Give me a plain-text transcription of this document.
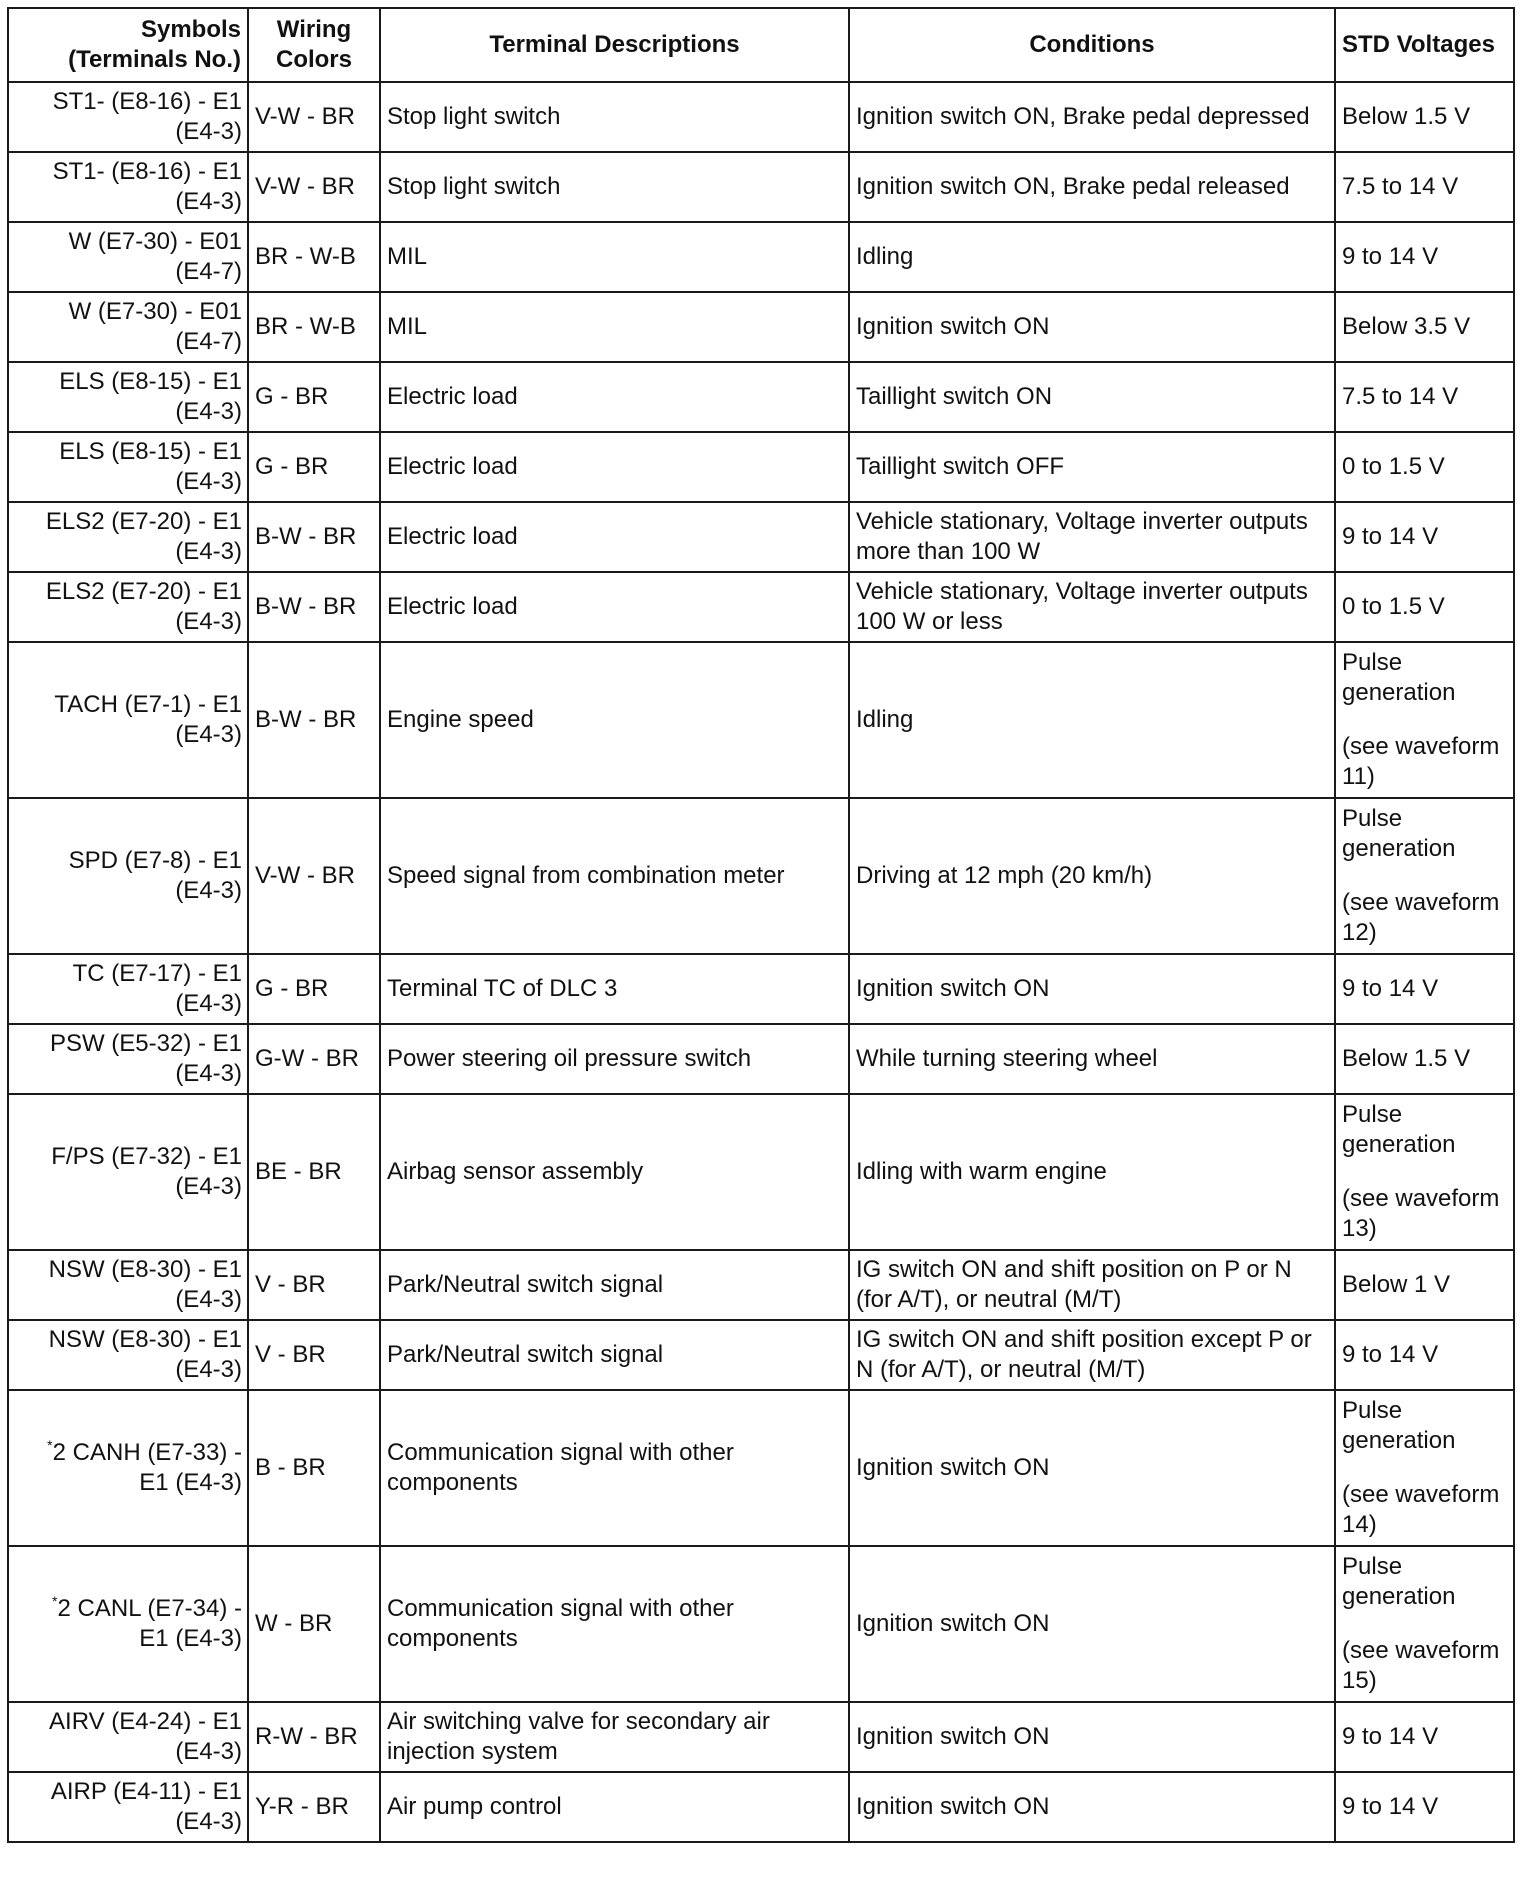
Symbols
(Terminals No.)	Wiring
Colors	Terminal Descriptions	Conditions	STD Voltages

ST1- (E8-16) - E1
(E4-3)	V-W - BR	Stop light switch	Ignition switch ON, Brake pedal depressed	Below 1.5 V

ST1- (E8-16) - E1
(E4-3)	V-W - BR	Stop light switch	Ignition switch ON, Brake pedal released	7.5 to 14 V

W (E7-30) - E01
(E4-7)	BR - W-B	MIL	Idling	9 to 14 V

W (E7-30) - E01
(E4-7)	BR - W-B	MIL	Ignition switch ON	Below 3.5 V

ELS (E8-15) - E1
(E4-3)	G - BR	Electric load	Taillight switch ON	7.5 to 14 V

ELS (E8-15) - E1
(E4-3)	G - BR	Electric load	Taillight switch OFF	0 to 1.5 V

ELS2 (E7-20) - E1
(E4-3)	B-W - BR	Electric load	Vehicle stationary, Voltage inverter outputs more than 100 W	9 to 14 V

ELS2 (E7-20) - E1
(E4-3)	B-W - BR	Electric load	Vehicle stationary, Voltage inverter outputs 100 W or less	0 to 1.5 V

TACH (E7-1) - E1
(E4-3)	B-W - BR	Engine speed	Idling	Pulse generation
(see waveform 11)

SPD (E7-8) - E1
(E4-3)	V-W - BR	Speed signal from combination meter	Driving at 12 mph (20 km/h)	Pulse generation
(see waveform 12)

TC (E7-17) - E1
(E4-3)	G - BR	Terminal TC of DLC 3	Ignition switch ON	9 to 14 V

PSW (E5-32) - E1
(E4-3)	G-W - BR	Power steering oil pressure switch	While turning steering wheel	Below 1.5 V

F/PS (E7-32) - E1
(E4-3)	BE - BR	Airbag sensor assembly	Idling with warm engine	Pulse generation
(see waveform 13)

NSW (E8-30) - E1
(E4-3)	V - BR	Park/Neutral switch signal	IG switch ON and shift position on P or N (for A/T), or neutral (M/T)	Below 1 V

NSW (E8-30) - E1
(E4-3)	V - BR	Park/Neutral switch signal	IG switch ON and shift position except P or N (for A/T), or neutral (M/T)	9 to 14 V

*2 CANH (E7-33) -
E1 (E4-3)	B - BR	Communication signal with other components	Ignition switch ON	Pulse generation
(see waveform 14)

*2 CANL (E7-34) -
E1 (E4-3)	W - BR	Communication signal with other components	Ignition switch ON	Pulse generation
(see waveform 15)

AIRV (E4-24) - E1
(E4-3)	R-W - BR	Air switching valve for secondary air injection system	Ignition switch ON	9 to 14 V

AIRP (E4-11) - E1
(E4-3)	Y-R - BR	Air pump control	Ignition switch ON	9 to 14 V
